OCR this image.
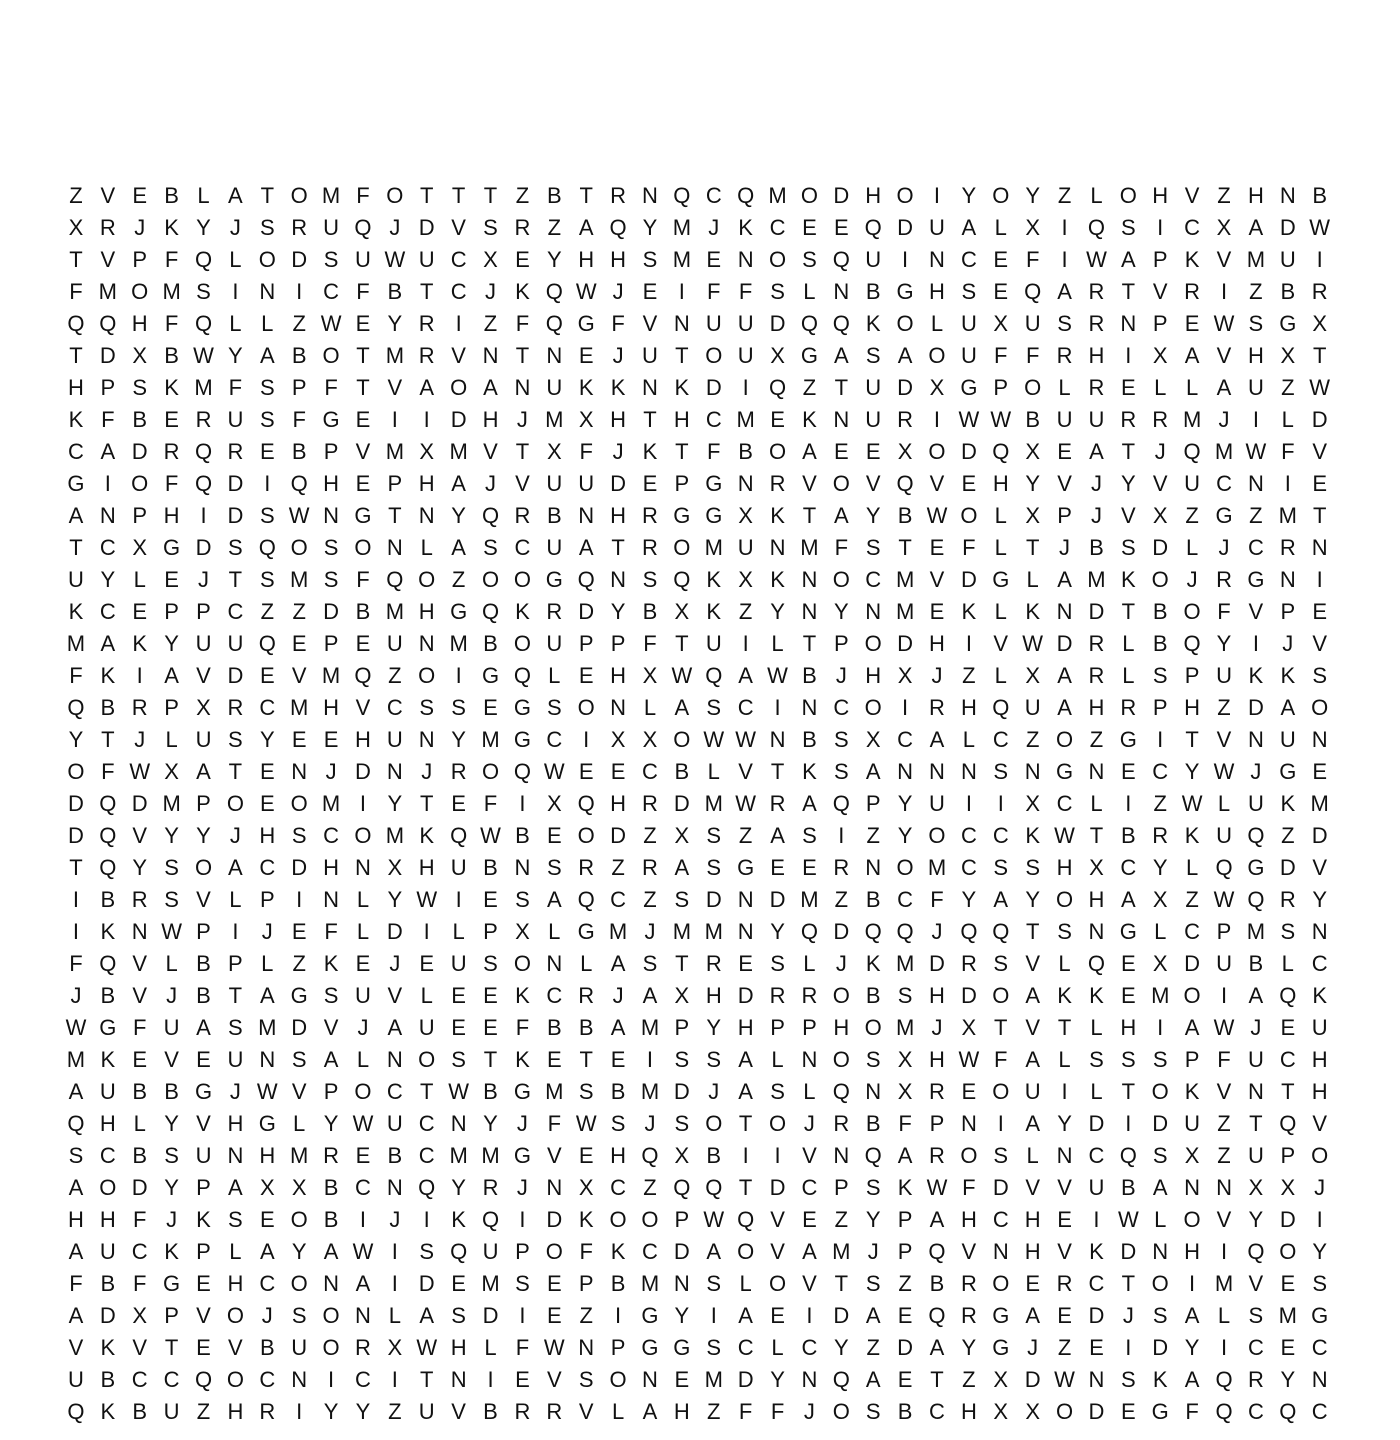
Z V E B L A T O M F O T T T Z B T R N Q C Q M O D H O I Y O Y Z L O H V Z H N B
X R J K Y J S R U Q J D V S R Z A Q Y M J K C E E Q D U A L X I Q S I C X A D W
T V P F Q L O D S U W U C X E Y H H S M E N O S Q U I N C E F	I W A P K V M U I
F M O M S I N I C F B T C J K Q W J E I	F F S L N B G H S E Q A R T V R I	Z B R
Q Q H F Q L L Z W E Y R I	Z F Q G F V N U U D Q Q K O L U X U S R N P E W S G X
T D X B W Y A B O T M R V N T N E J U T O U X G A S A O U F F R H I X A V H X T
H P S K M F S P F T V A O A N U K K N K D I Q Z T U D X G P O L R E L L A U Z W
K F B E R U S F G E I	I D H J M X H T H C M E K N U R I W W B U U R R M J	I	L D
C A D R Q R E B P V M X M V T X F J K T F B O A E E X O D Q X E A T J Q M W F V
G I O F Q D I Q H E P H A J V U U D E P G N R V O V Q V E H Y V J Y V U C N I E
A N P H I D S W N G T N Y Q R B N H R G G X K T A Y B W O L X P J V X Z G Z M T
T C X G D S Q O S O N L A S C U A T R O M U N M F S T E F L T J B S D L J C R N
U Y L E J T S M S F Q O Z O O G Q N S Q K X K N O C M V D G L A M K O J R G N I
K C E P P C Z Z D B M H G Q K R D Y B X K Z Y N Y N M E K L K N D T B O F V P E
M A K Y U U Q E P E U N M B O U P P F T U I	L T P O D H I V W D R L B Q Y I	J V
F K I A V D E V M Q Z O I G Q L E H X W Q A W B J H X J Z L X A R L S P U K K S
Q B R P X R C M H V C S S E G S O N L A S C I N C O I R H Q U A H R P H Z D A O
Y T J L U S Y E E H U N Y M G C I X X O W W N B S X C A L C Z O Z G I	T V N U N
O F W X A T E N J D N J R O Q W E E C B L V T K S A N N N S N G N E C Y W J G E
D Q D M P O E O M I Y T E F	I X Q H R D M W R A Q P Y U I	I X C L	I	Z W L U K M
D Q V Y Y J H S C O M K Q W B E O D Z X S Z A S I	Z Y O C C K W T B R K U Q Z D
T Q Y S O A C D H N X H U B N S R Z R A S G E E R N O M C S S H X C Y L Q G D V
I B R S V L P I N L Y W I E S A Q C Z S D N D M Z B C F Y A Y O H A X Z W Q R Y
I K N W P I	J E F L D I	L P X L G M J M M N Y Q D Q Q J Q Q T S N G L C P M S N
F Q V L B P L Z K E J E U S O N L A S T R E S L J K M D R S V L Q E X D U B L C
J B V J B T A G S U V L E E K C R J A X H D R R O B S H D O A K K E M O I A Q K
W G F U A S M D V J A U E E F B B A M P Y H P P H O M J X T V T L H I A W J E U
M K E V E U N S A L N O S T K E T E I S S A L N O S X H W F A L S S S P F U C H
A U B B G J W V P O C T W B G M S B M D J A S L Q N X R E O U I	L T O K V N T H
Q H L Y V H G L Y W U C N Y J F W S J S O T O J R B F P N I A Y D I D U Z T Q V
S C B S U N H M R E B C M M G V E H Q X B I	I V N Q A R O S L N C Q S X Z U P O
A O D Y P A X X B C N Q Y R J N X C Z Q Q T D C P S K W F D V V U B A N N X X J
H H F J K S E O B I	J	I K Q I D K O O P W Q V E Z Y P A H C H E I W L O V Y D I
A U C K P L A Y A W I S Q U P O F K C D A O V A M J P Q V N H V K D N H I Q O Y
F B F G E H C O N A I D E M S E P B M N S L O V T S Z B R O E R C T O I M V E S
A D X P V O J S O N L A S D I E Z	I G Y I A E I D A E Q R G A E D J S A L S M G
V K V T E V B U O R X W H L F W N P G G S C L C Y Z D A Y G J Z E I D Y I C E C
U B C C Q O C N I C I	T N I E V S O N E M D Y N Q A E T Z X D W N S K A Q R Y N
Q K B U Z H R I Y Y Z U V B R R V L A H Z F F J O S B C H X X O D E G F Q C Q C
